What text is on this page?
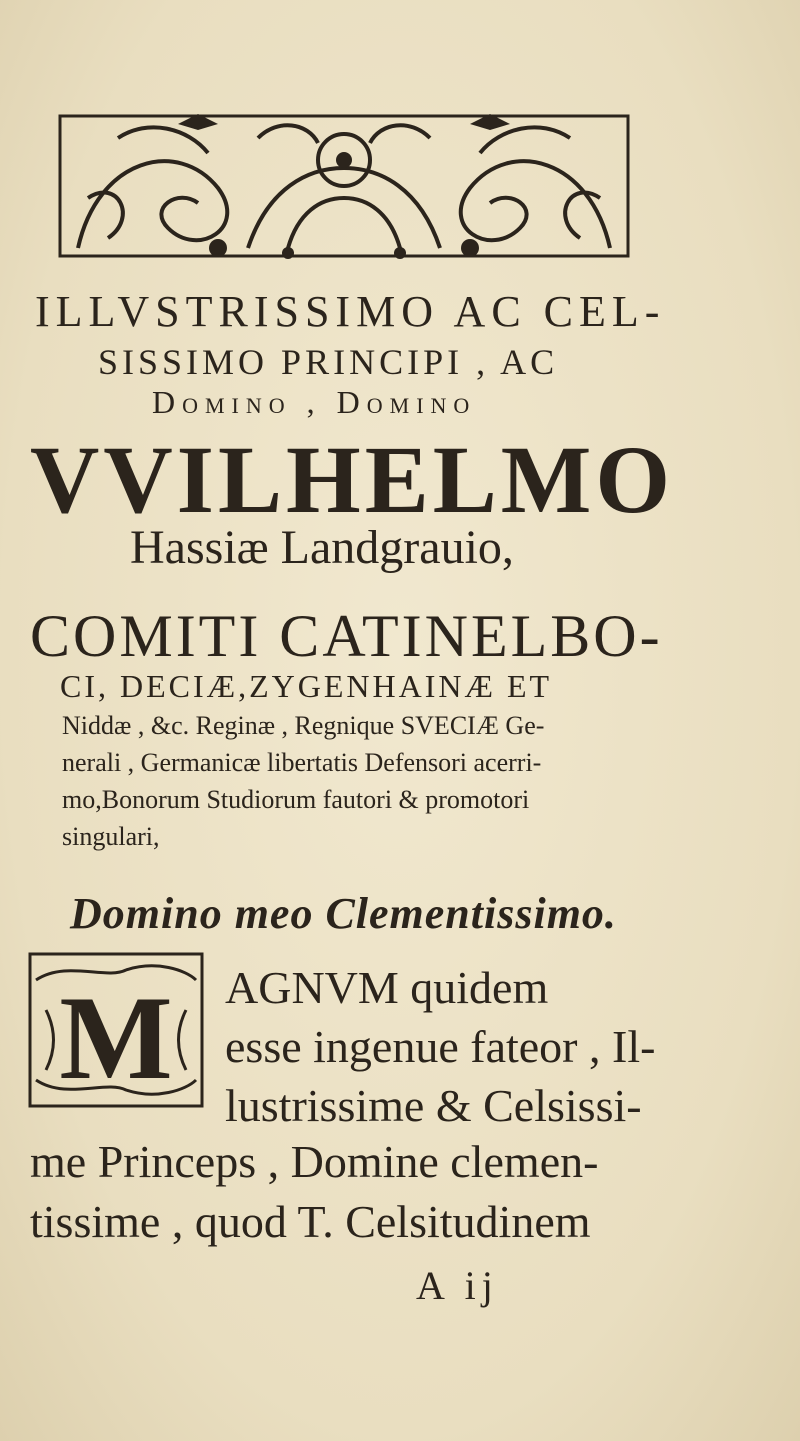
ILLVSTRISSIMO AC CEL-
SISSIMO PRINCIPI , AC
Domino , Domino
VVILHELMO
Hassiæ Landgrauio,
COMITI CATINELBO-
CI, DECIÆ,ZYGENHAINÆ ET
Niddæ , &c. Reginæ , Regnique SVECIÆ Ge-
nerali , Germanicæ libertatis Defensori acerri-
mo,Bonorum Studiorum fautori & promotori
singulari,
Domino meo Clementissimo.
M AGNVM quidem
esse ingenue fateor , Il-
lustrissime & Celsissi-
me Princeps , Domine clemen-
tissime , quod T. Celsitudinem
A ij
